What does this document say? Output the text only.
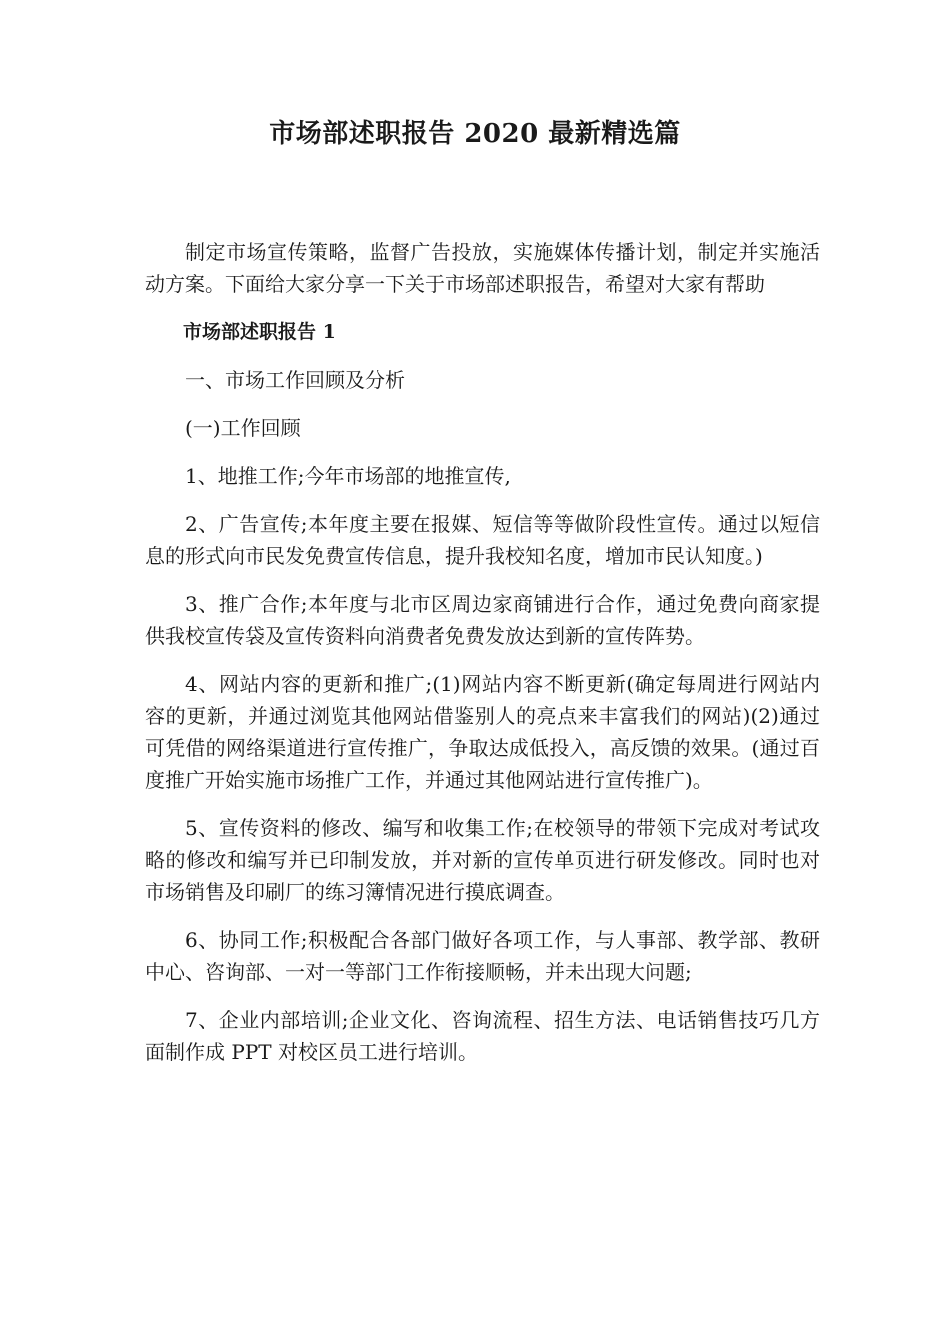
市场部述职报告 2020 最新精选篇

制定市场宣传策略，监督广告投放，实施媒体传播计划，制定并实施活动方案。下面给大家分享一下关于市场部述职报告，希望对大家有帮助

市场部述职报告 1

一、市场工作回顾及分析

(一)工作回顾

1、地推工作;今年市场部的地推宣传,

2、广告宣传;本年度主要在报媒、短信等等做阶段性宣传。通过以短信息的形式向市民发免费宣传信息，提升我校知名度，增加市民认知度。)

3、推广合作;本年度与北市区周边家商铺进行合作，通过免费向商家提供我校宣传袋及宣传资料向消费者免费发放达到新的宣传阵势。

4、网站内容的更新和推广;(1)网站内容不断更新(确定每周进行网站内容的更新，并通过浏览其他网站借鉴别人的亮点来丰富我们的网站)(2)通过可凭借的网络渠道进行宣传推广，争取达成低投入，高反馈的效果。(通过百度推广开始实施市场推广工作，并通过其他网站进行宣传推广)。

5、宣传资料的修改、编写和收集工作;在校领导的带领下完成对考试攻略的修改和编写并已印制发放，并对新的宣传单页进行研发修改。同时也对市场销售及印刷厂的练习簿情况进行摸底调查。

6、协同工作;积极配合各部门做好各项工作，与人事部、教学部、教研中心、咨询部、一对一等部门工作衔接顺畅，并未出现大问题;

7、企业内部培训;企业文化、咨询流程、招生方法、电话销售技巧几方面制作成 PPT 对校区员工进行培训。
